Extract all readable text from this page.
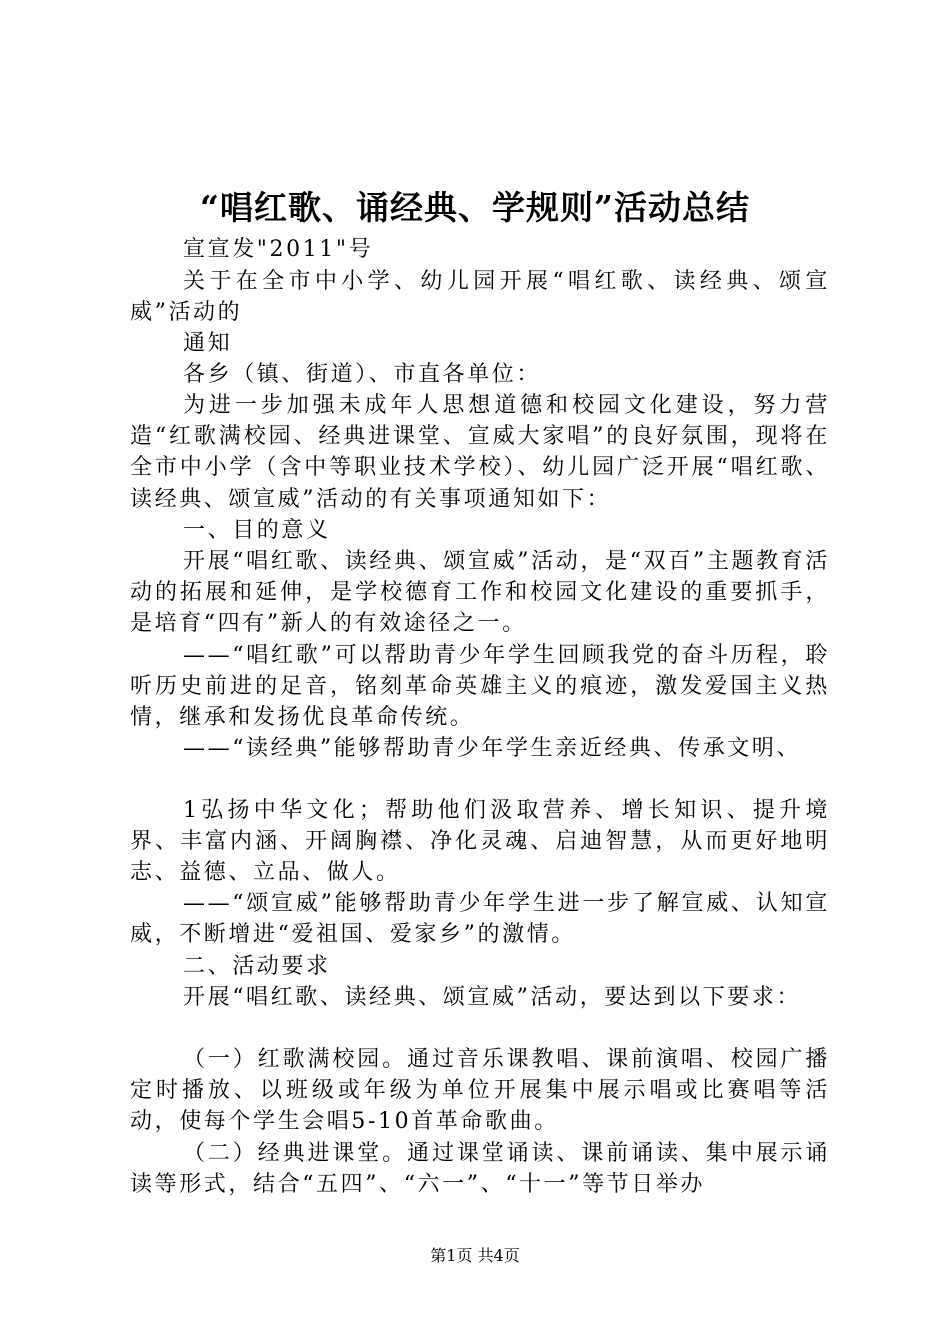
“唱红歌、诵经典、学规则”活动总结
宣宣发"2011"号
关于在全市中小学、幼儿园开展“唱红歌、读经典、颂宣威”活动的
通知
各乡（镇、街道）、市直各单位：
为进一步加强未成年人思想道德和校园文化建设，努力营造“红歌满校园、经典进课堂、宣威大家唱”的良好氛围，现将在全市中小学（含中等职业技术学校）、幼儿园广泛开展“唱红歌、读经典、颂宣威”活动的有关事项通知如下：
一、目的意义
开展“唱红歌、读经典、颂宣威”活动，是“双百”主题教育活动的拓展和延伸，是学校德育工作和校园文化建设的重要抓手，是培育“四有”新人的有效途径之一。
——“唱红歌”可以帮助青少年学生回顾我党的奋斗历程，聆听历史前进的足音，铭刻革命英雄主义的痕迹，激发爱国主义热情，继承和发扬优良革命传统。
——“读经典”能够帮助青少年学生亲近经典、传承文明、
1弘扬中华文化；帮助他们汲取营养、增长知识、提升境界、丰富内涵、开阔胸襟、净化灵魂、启迪智慧，从而更好地明志、益德、立品、做人。
——“颂宣威”能够帮助青少年学生进一步了解宣威、认知宣威，不断增进“爱祖国、爱家乡”的激情。
二、活动要求
开展“唱红歌、读经典、颂宣威”活动，要达到以下要求：
（一）红歌满校园。通过音乐课教唱、课前演唱、校园广播定时播放、以班级或年级为单位开展集中展示唱或比赛唱等活动，使每个学生会唱5-10首革命歌曲。
（二）经典进课堂。通过课堂诵读、课前诵读、集中展示诵读等形式，结合“五四”、“六一”、“十一”等节日举办
第1页 共4页
